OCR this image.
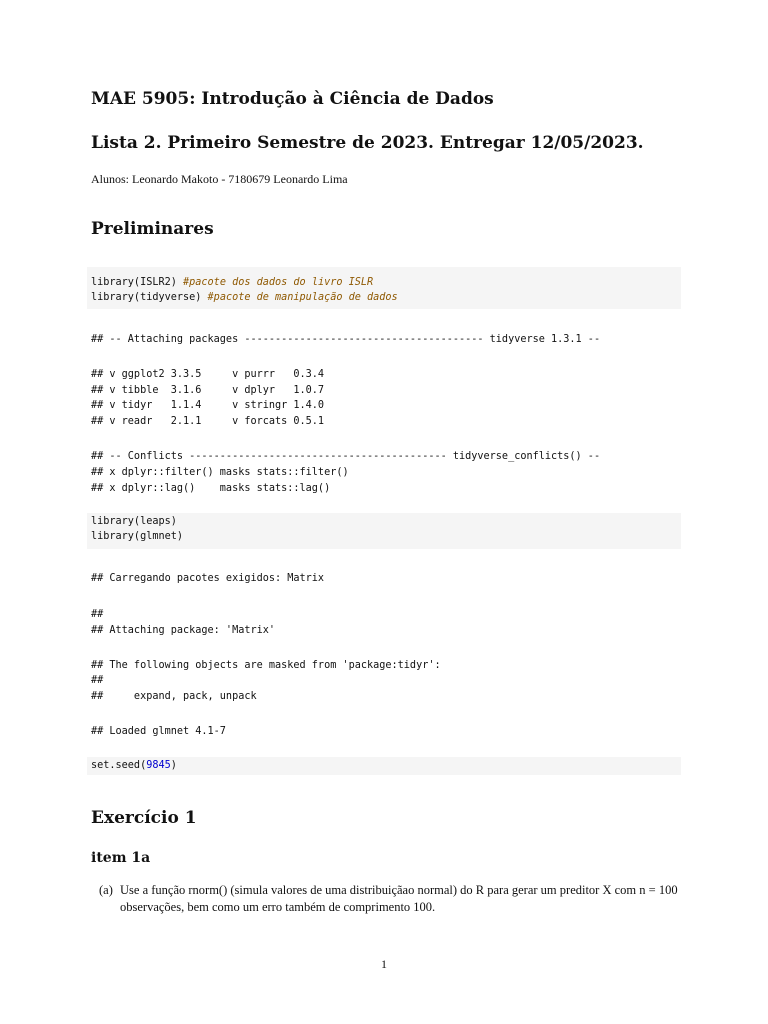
MAE 5905: Introdução à Ciência de Dados
Lista 2. Primeiro Semestre de 2023. Entregar 12/05/2023.
Alunos: Leonardo Makoto - 7180679 Leonardo Lima
Preliminares
library(ISLR2) #pacote dos dados do livro ISLR
library(tidyverse) #pacote de manipulação de dados
## -- Attaching packages --------------------------------------- tidyverse 1.3.1 --
## v ggplot2 3.3.5     v purrr   0.3.4
## v tibble  3.1.6     v dplyr   1.0.7
## v tidyr   1.1.4     v stringr 1.4.0
## v readr   2.1.1     v forcats 0.5.1
## -- Conflicts ------------------------------------------ tidyverse_conflicts() --
## x dplyr::filter() masks stats::filter()
## x dplyr::lag()    masks stats::lag()
library(leaps)
library(glmnet)
## Carregando pacotes exigidos: Matrix
##
## Attaching package: 'Matrix'
## The following objects are masked from 'package:tidyr':
##
##     expand, pack, unpack
## Loaded glmnet 4.1-7
set.seed(9845)
Exercício 1
item 1a
(a) Use a função rnorm() (simula valores de uma distribuiçãao normal) do R para gerar um preditor X com n = 100 observações, bem como um erro também de comprimento 100.
1
